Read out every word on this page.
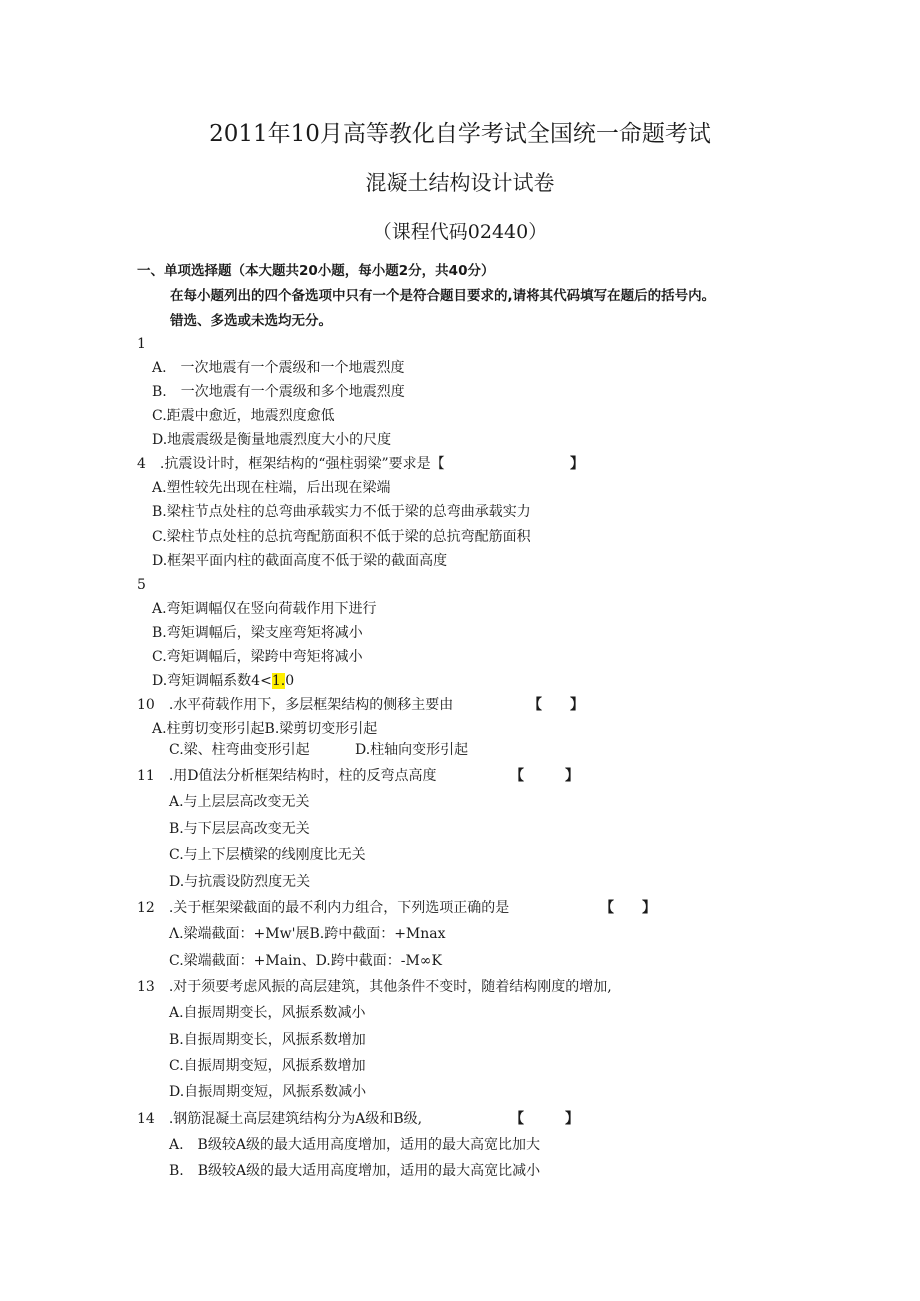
2011年10月高等教化自学考试全国统一命题考试
混凝土结构设计试卷
（课程代码02440）
一、单项选择题（本大题共20小题，每小题2分，共40分）
在每小题列出的四个备选项中只有一个是符合题目要求的,请将其代码填写在题后的括号内。
错选、多选或未选均无分。
1
A.　一次地震有一个震级和一个地震烈度
B.　一次地震有一个震级和多个地震烈度
C.距震中愈近，地震烈度愈低
D.地震震级是衡量地震烈度大小的尺度
4　.抗震设计时，框架结构的“强柱弱梁”要求是【	】
A.塑性较先出现在柱端，后出现在梁端
B.梁柱节点处柱的总弯曲承载实力不低于梁的总弯曲承载实力
C.梁柱节点处柱的总抗弯配筋面积不低于梁的总抗弯配筋面积
D.框架平面内柱的截面高度不低于梁的截面高度
5
A.弯矩调幅仅在竖向荷载作用下进行
B.弯矩调幅后，梁支座弯矩将减小
C.弯矩调幅后，梁跨中弯矩将减小
D.弯矩调幅系数4<1.0
10　.水平荷载作用下，多层框架结构的侧移主要由	【 】
A.柱剪切变形引起B.梁剪切变形引起
C.梁、柱弯曲变形引起	D.柱轴向变形引起
11　.用D值法分析框架结构时，柱的反弯点高度	【	】
A.与上层层高改变无关
B.与下层层高改变无关
C.与上下层横梁的线刚度比无关
D.与抗震设防烈度无关
12　.关于框架梁截面的最不利内力组合，下列选项正确的是	【 】
Λ.梁端截面：+Mw'展B.跨中截面：+Mnax
C.梁端截面：+Main、D.跨中截面：-M∞K
13　.对于须要考虑风振的高层建筑，其他条件不变时，随着结构刚度的增加,
A.自振周期变长，风振系数减小
B.自振周期变长，风振系数增加
C.自振周期变短，风振系数增加
D.自振周期变短，风振系数减小
14　.钢筋混凝土高层建筑结构分为A级和B级,	【	】
A.　B级较A级的最大适用高度增加，适用的最大高宽比加大
B.　B级较A级的最大适用高度增加，适用的最大高宽比减小
